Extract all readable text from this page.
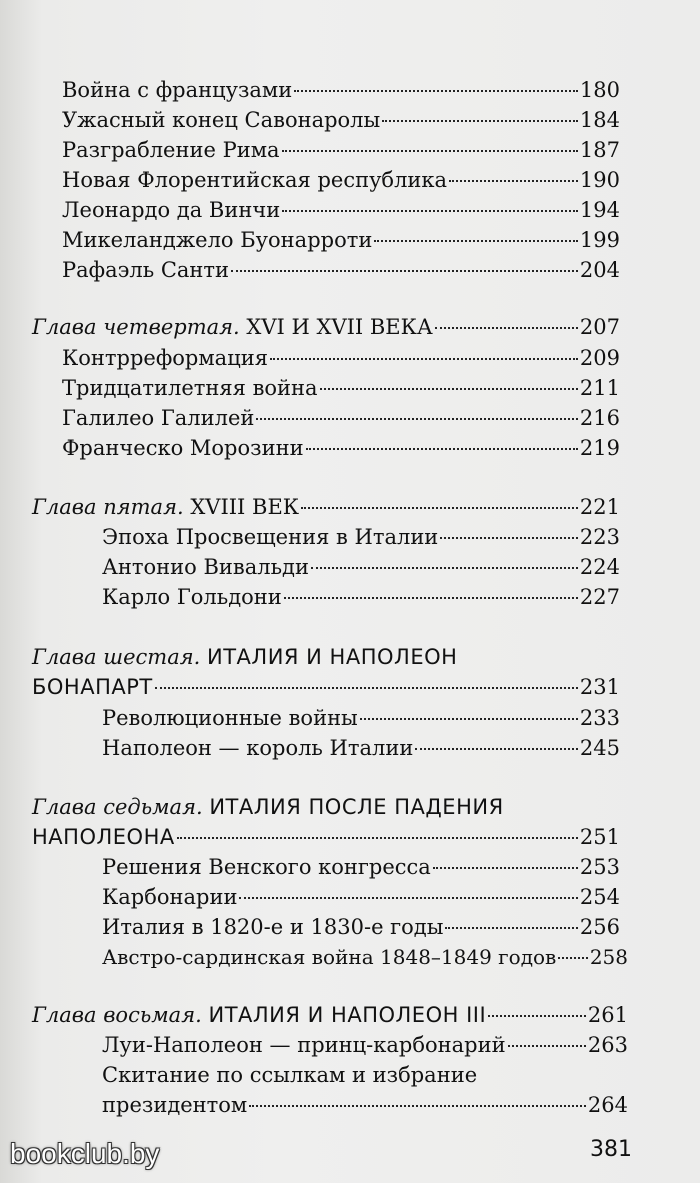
Война с французами	180
Ужасный конец Савонаролы	184
Разграбление Рима	187
Новая Флорентийская республика	190
Леонардо да Винчи	194
Микеланджело Буонарроти	199
Рафаэль Санти	204
Глава четвертая. XVI И XVII ВЕКА	207
Контрреформация	209
Тридцатилетняя война	211
Галилео Галилей	216
Франческо Морозини	219
Глава пятая. XVIII ВЕК	221
Эпоха Просвещения в Италии	223
Антонио Вивальди	224
Карло Гольдони	227
Глава шестая. ИТАЛИЯ И НАПОЛЕОН
БОНАПАРТ	231
Революционные войны	233
Наполеон — король Италии	245
Глава седьмая. ИТАЛИЯ ПОСЛЕ ПАДЕНИЯ
НАПОЛЕОНА	251
Решения Венского конгресса	253
Карбонарии	254
Италия в 1820-е и 1830-е годы	256
Австро-сардинская война 1848–1849 годов 258
Глава восьмая. ИТАЛИЯ И НАПОЛЕОН III	261
Луи-Наполеон — принц-карбонарий	263
Скитание по ссылкам и избрание
президентом	264
bookclub.by	381
